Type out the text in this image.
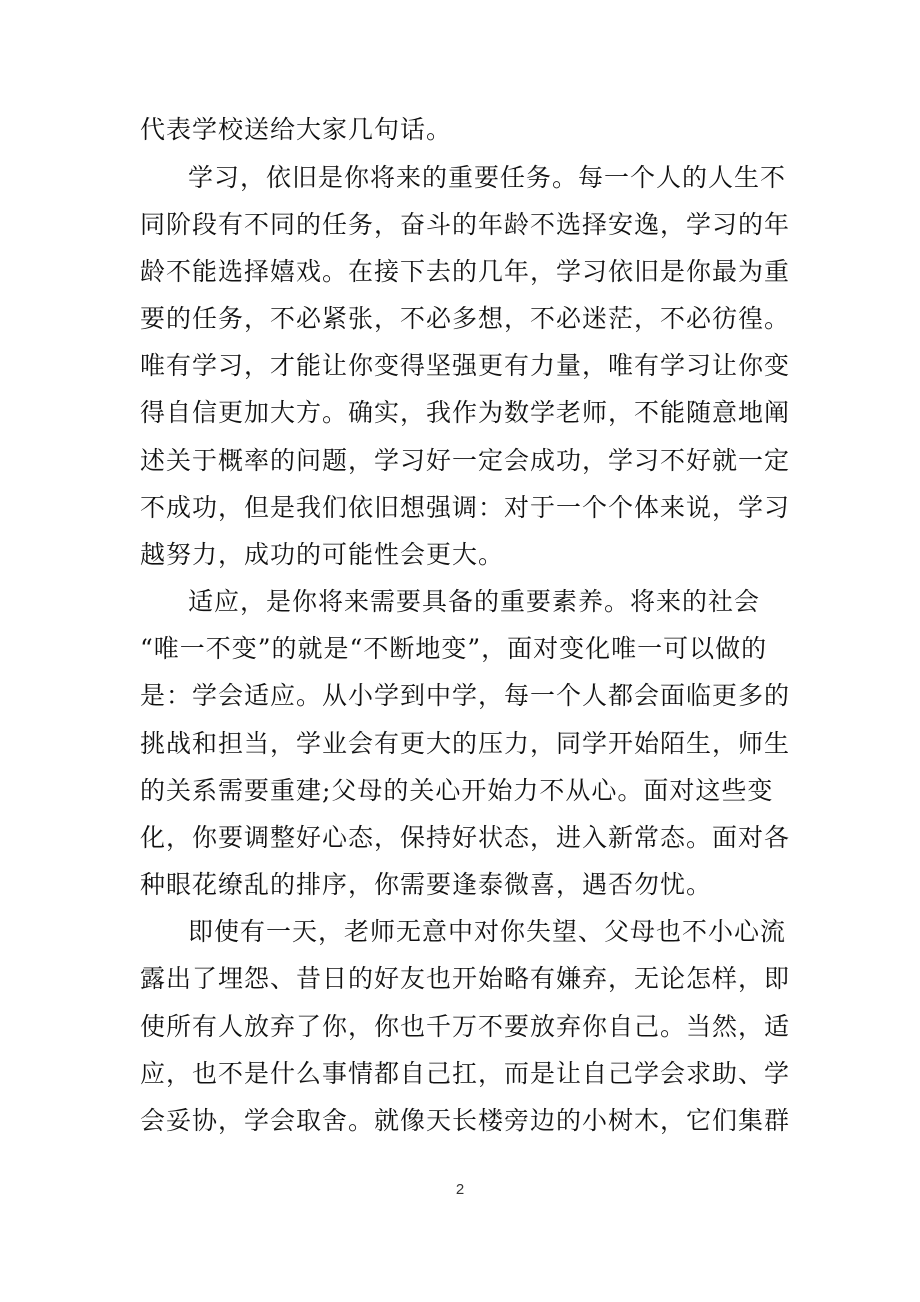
代表学校送给大家几句话。
学习，依旧是你将来的重要任务。每一个人的人生不
同阶段有不同的任务，奋斗的年龄不选择安逸，学习的年
龄不能选择嬉戏。在接下去的几年，学习依旧是你最为重
要的任务，不必紧张，不必多想，不必迷茫，不必彷徨。
唯有学习，才能让你变得坚强更有力量，唯有学习让你变
得自信更加大方。确实，我作为数学老师，不能随意地阐
述关于概率的问题，学习好一定会成功，学习不好就一定
不成功，但是我们依旧想强调：对于一个个体来说，学习
越努力，成功的可能性会更大。
适应，是你将来需要具备的重要素养。将来的社会
“唯一不变”的就是“不断地变”，面对变化唯一可以做的
是：学会适应。从小学到中学，每一个人都会面临更多的
挑战和担当，学业会有更大的压力，同学开始陌生，师生
的关系需要重建;父母的关心开始力不从心。面对这些变
化，你要调整好心态，保持好状态，进入新常态。面对各
种眼花缭乱的排序，你需要逢泰微喜，遇否勿忧。
即使有一天，老师无意中对你失望、父母也不小心流
露出了埋怨、昔日的好友也开始略有嫌弃，无论怎样，即
使所有人放弃了你，你也千万不要放弃你自己。当然，适
应，也不是什么事情都自己扛，而是让自己学会求助、学
会妥协，学会取舍。就像天长楼旁边的小树木，它们集群
2
